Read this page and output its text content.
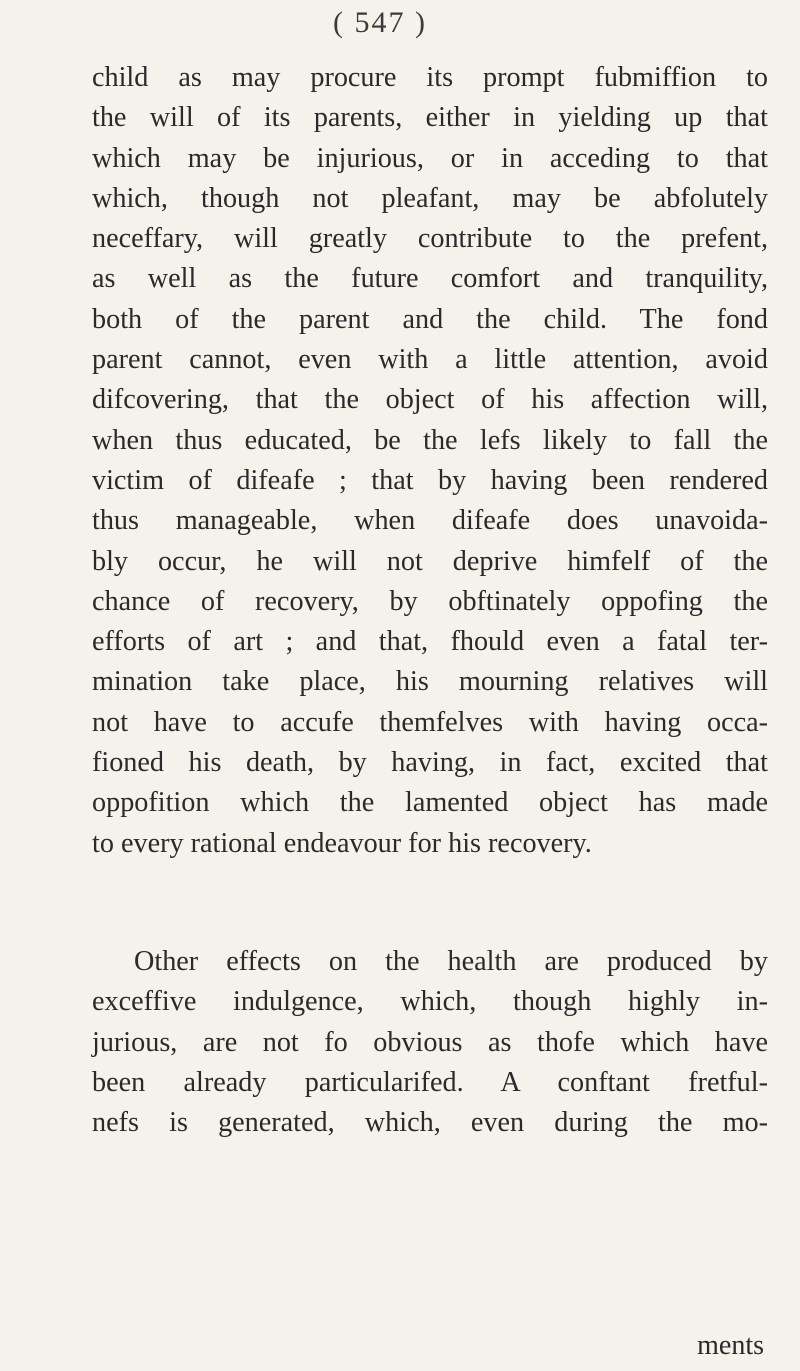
( 547 )
child as may procure its prompt fubmiffion to
the will of its parents, either in yielding up that
which may be injurious, or in acceding to that
which, though not pleafant, may be abfolutely
neceffary, will greatly contribute to the prefent,
as well as the future comfort and tranquility,
both of the parent and the child. The fond
parent cannot, even with a little attention, avoid
difcovering, that the object of his affection will,
when thus educated, be the lefs likely to fall the
victim of difeafe ; that by having been rendered
thus manageable, when difeafe does unavoida-
bly occur, he will not deprive himfelf of the
chance of recovery, by obftinately oppofing the
efforts of art ; and that, fhould even a fatal ter-
mination take place, his mourning relatives will
not have to accufe themfelves with having occa-
fioned his death, by having, in fact, excited that
oppofition which the lamented object has made
to every rational endeavour for his recovery.
Other effects on the health are produced by
exceffive indulgence, which, though highly in-
jurious, are not fo obvious as thofe which have
been already particularifed. A conftant fretful-
nefs is generated, which, even during the mo-
ments
